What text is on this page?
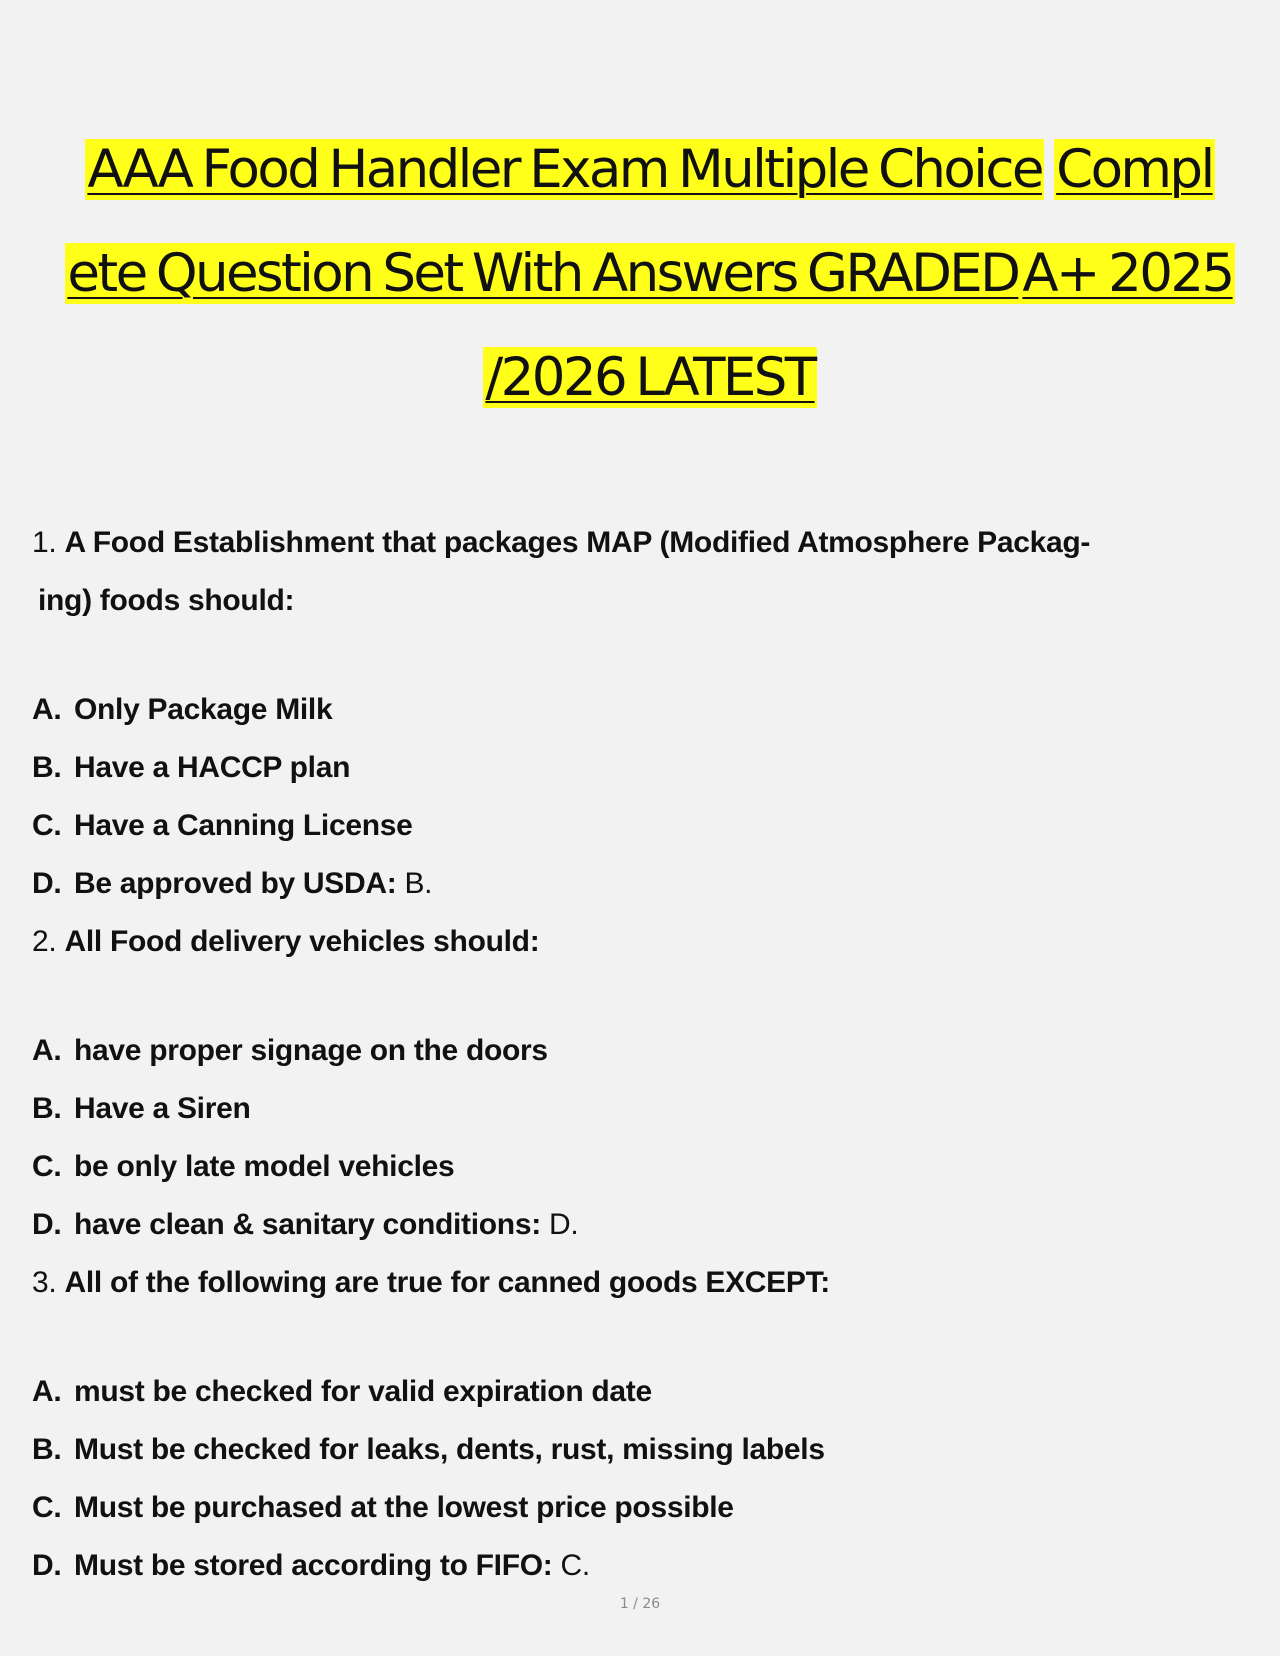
AAA Food Handler Exam Multiple Choice Compl
ete Question Set With Answers GRADEDA+ 2025
/2026 LATEST
1. A Food Establishment that packages MAP (Modified Atmosphere Packag-
ing) foods should:
A. Only Package Milk
B. Have a HACCP plan
C. Have a Canning License
D. Be approved by USDA: B.
2. All Food delivery vehicles should:
A. have proper signage on the doors
B. Have a Siren
C. be only late model vehicles
D. have clean & sanitary conditions: D.
3. All of the following are true for canned goods EXCEPT:
A. must be checked for valid expiration date
B. Must be checked for leaks, dents, rust, missing labels
C. Must be purchased at the lowest price possible
D. Must be stored according to FIFO: C.
1 / 26
